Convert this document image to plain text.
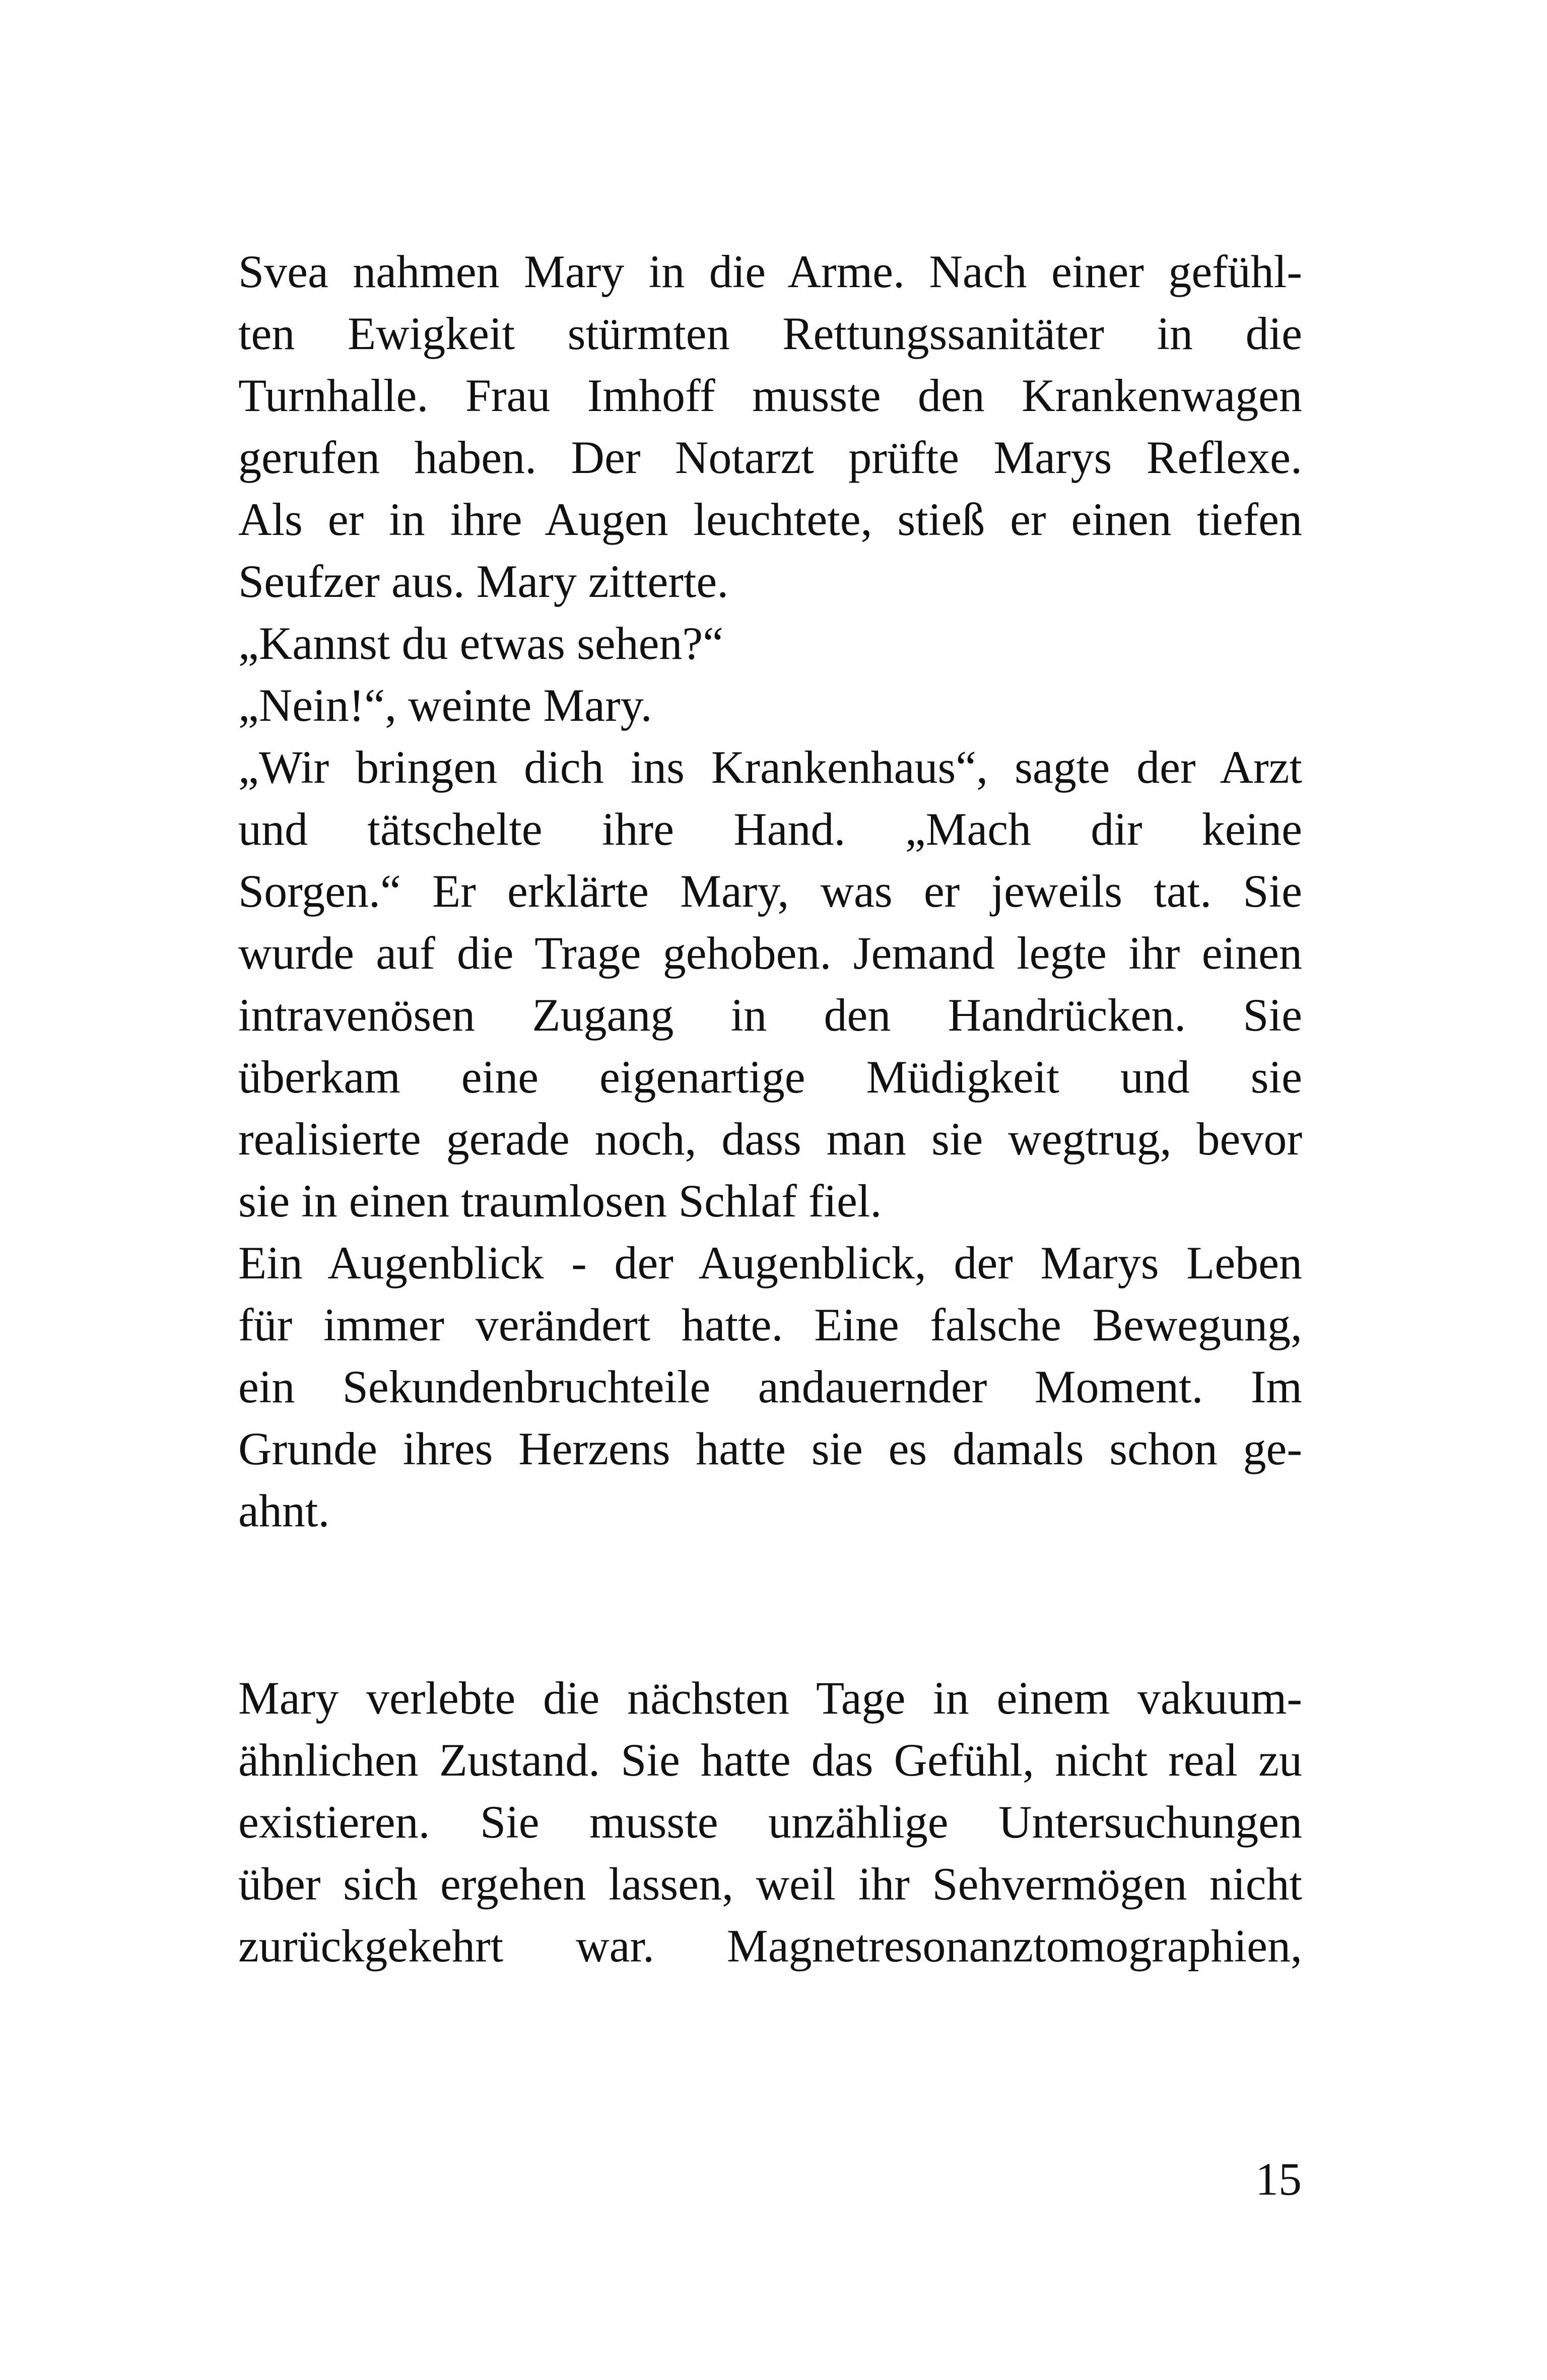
Svea nahmen Mary in die Arme. Nach einer gefühl-
ten Ewigkeit stürmten Rettungssanitäter in die
Turnhalle. Frau Imhoff musste den Krankenwagen
gerufen haben. Der Notarzt prüfte Marys Reflexe.
Als er in ihre Augen leuchtete, stieß er einen tiefen
Seufzer aus. Mary zitterte.
„Kannst du etwas sehen?“
„Nein!“, weinte Mary.
„Wir bringen dich ins Krankenhaus“, sagte der Arzt
und tätschelte ihre Hand. „Mach dir keine
Sorgen.“ Er erklärte Mary, was er jeweils tat. Sie
wurde auf die Trage gehoben. Jemand legte ihr einen
intravenösen Zugang in den Handrücken. Sie
überkam eine eigenartige Müdigkeit und sie
realisierte gerade noch, dass man sie wegtrug, bevor
sie in einen traumlosen Schlaf fiel.
Ein Augenblick - der Augenblick, der Marys Leben
für immer verändert hatte. Eine falsche Bewegung,
ein Sekundenbruchteile andauernder Moment. Im
Grunde ihres Herzens hatte sie es damals schon ge-
ahnt.
Mary verlebte die nächsten Tage in einem vakuum-
ähnlichen Zustand. Sie hatte das Gefühl, nicht real zu
existieren. Sie musste unzählige Untersuchungen
über sich ergehen lassen, weil ihr Sehvermögen nicht
zurückgekehrt war. Magnetresonanztomographien,
15
